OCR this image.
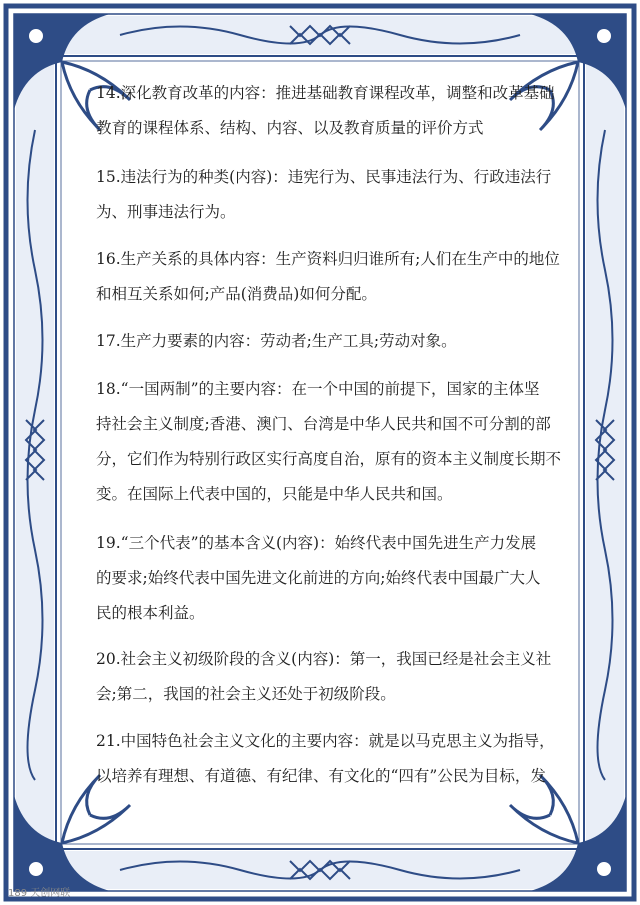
14.深化教育改革的内容：推进基础教育课程改革，调整和改革基础
教育的课程体系、结构、内容、以及教育质量的评价方式
15.违法行为的种类(内容)：违宪行为、民事违法行为、行政违法行
为、刑事违法行为。
16.生产关系的具体内容：生产资料归归谁所有;人们在生产中的地位
和相互关系如何;产品(消费品)如何分配。
17.生产力要素的内容：劳动者;生产工具;劳动对象。
18.“一国两制”的主要内容：在一个中国的前提下，国家的主体坚
持社会主义制度;香港、澳门、台湾是中华人民共和国不可分割的部
分，它们作为特别行政区实行高度自治，原有的资本主义制度长期不
变。在国际上代表中国的，只能是中华人民共和国。
19.“三个代表”的基本含义(内容)：始终代表中国先进生产力发展
的要求;始终代表中国先进文化前进的方向;始终代表中国最广大人
民的根本利益。
20.社会主义初级阶段的含义(内容)：第一，我国已经是社会主义社
会;第二，我国的社会主义还处于初级阶段。
21.中国特色社会主义文化的主要内容：就是以马克思主义为指导，
以培养有理想、有道德、有纪律、有文化的“四有”公民为目标，发
189 天创网联
